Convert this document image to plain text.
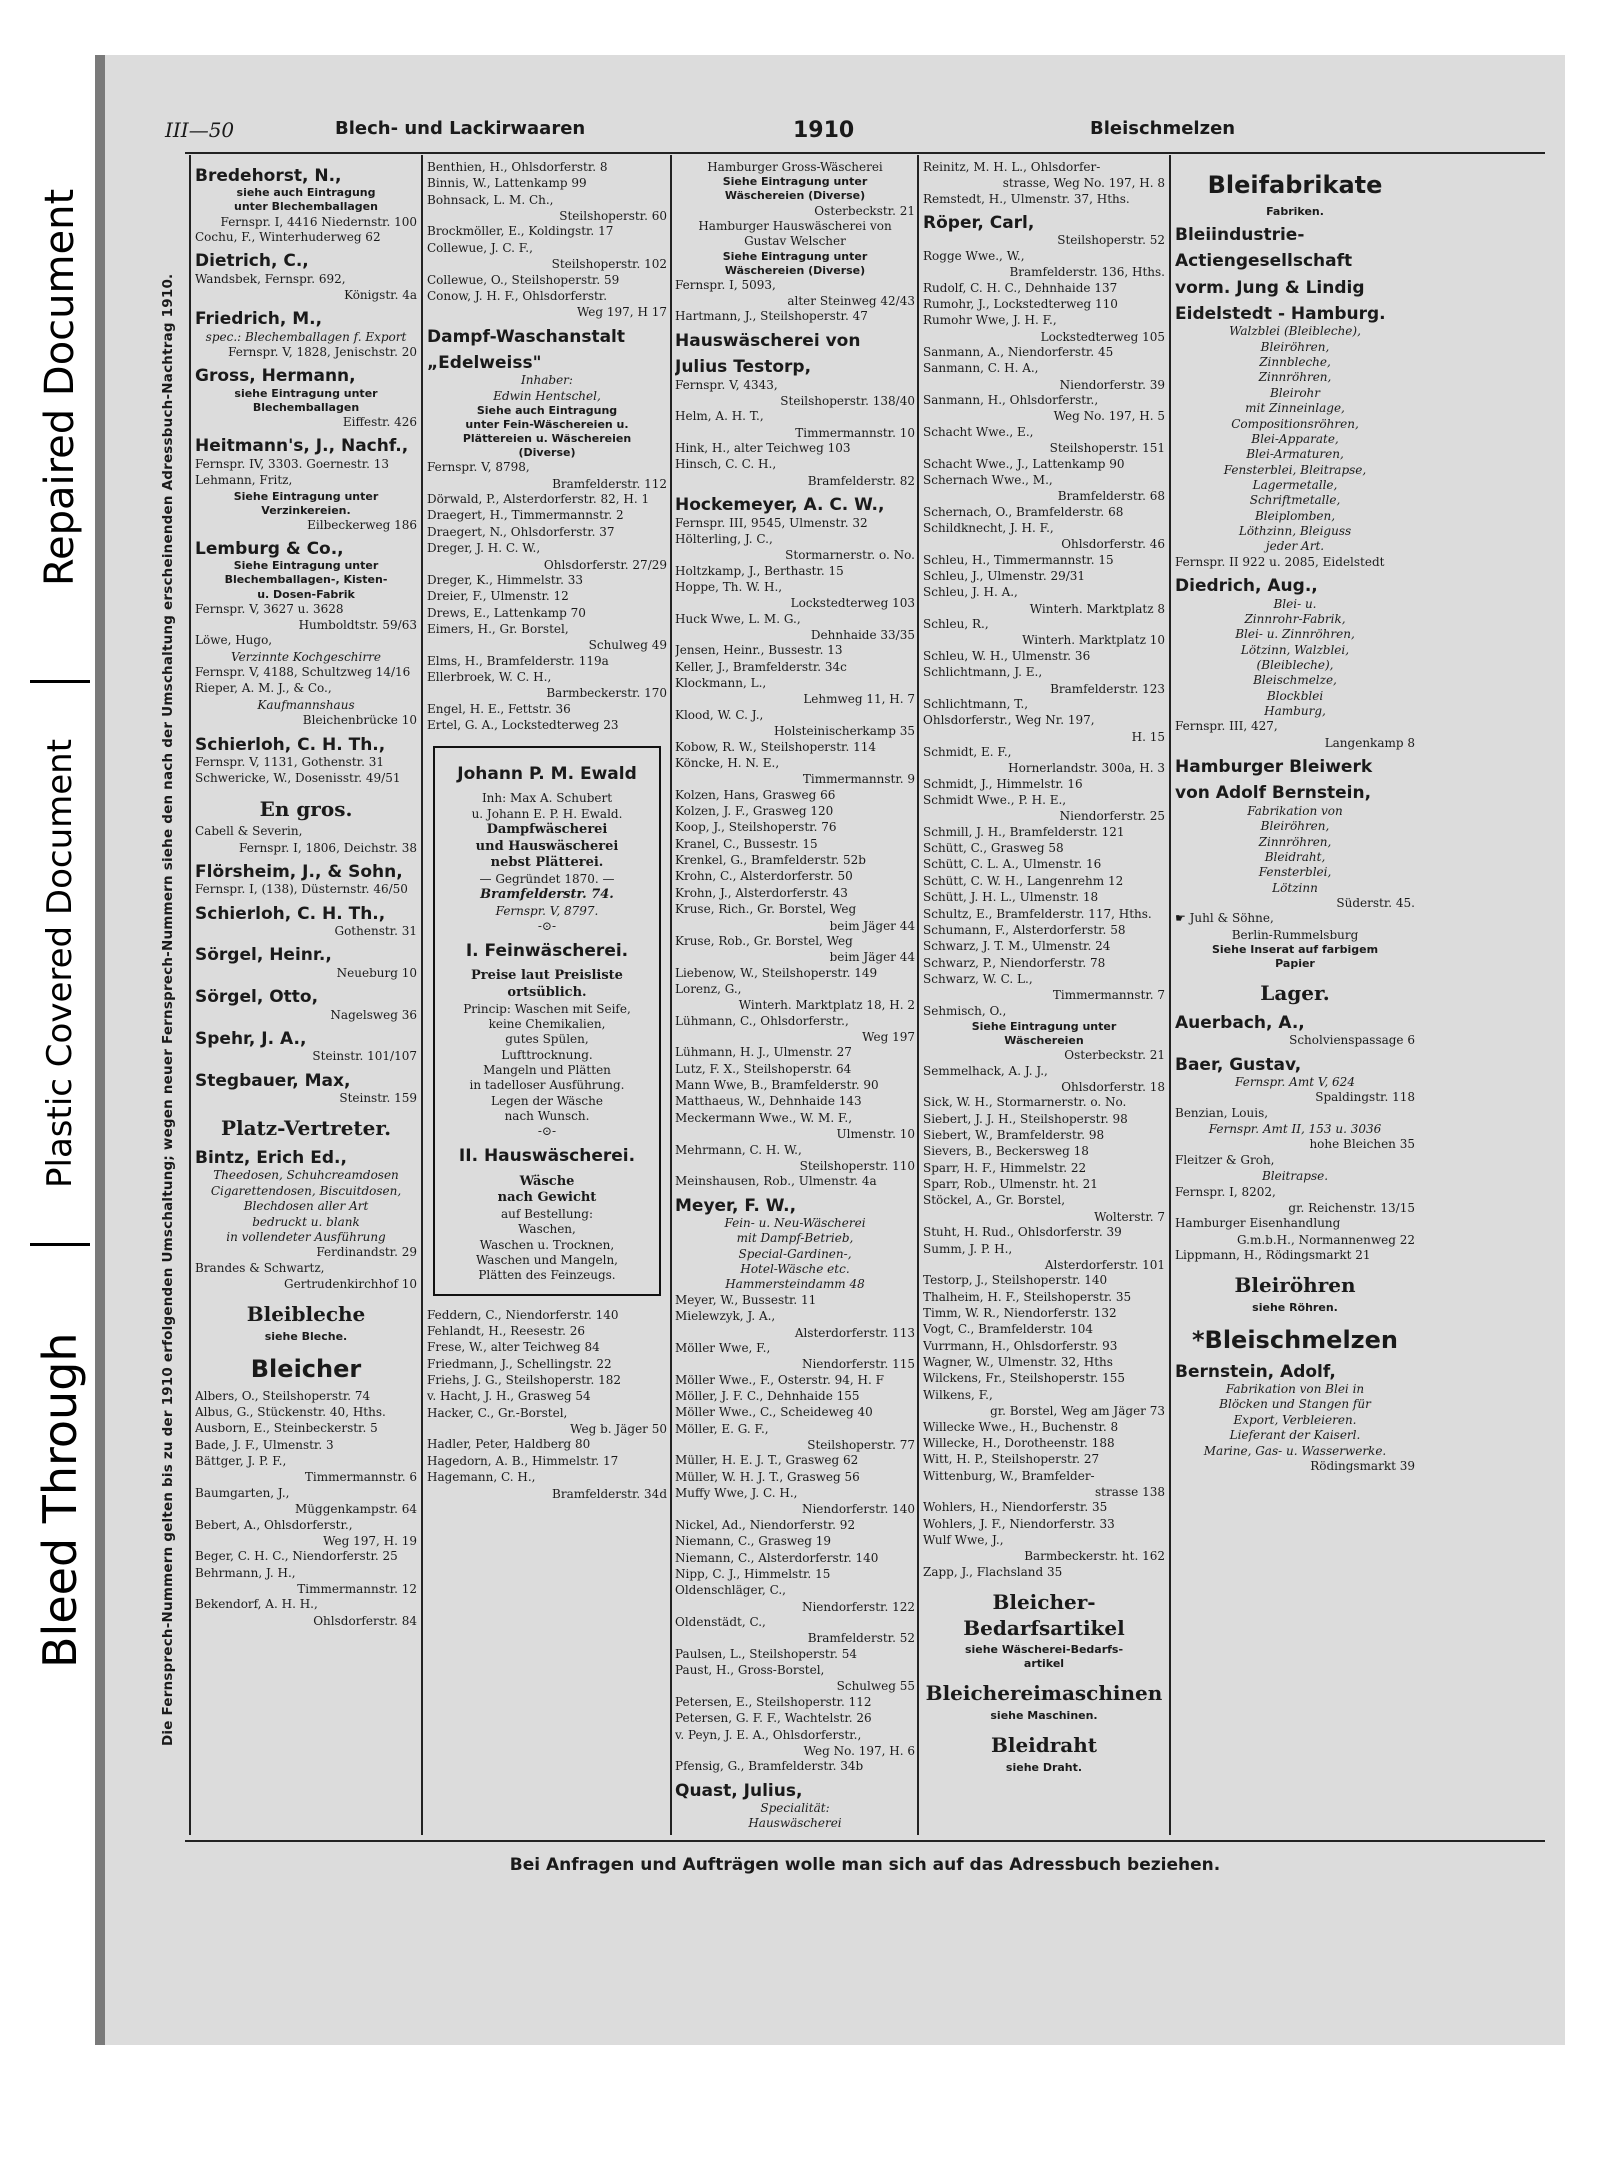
Repaired Document
Plastic Covered Document
Bleed Through
III—50	Blech- und Lackirwaaren	1910	Bleischmelzen
Die Fernsprech-Nummern gelten bis zu der 1910 erfolgenden Umschaltung; wegen neuer Fernsprech-Nummern siehe den nach der Umschaltung erscheinenden Adressbuch-Nachtrag 1910.
Bredehorst, N.,
siehe auch Eintragung
unter Blechemballagen
Fernspr. I, 4416 Niedernstr. 100
Cochu, F., Winterhuderweg 62
Dietrich, C.,
Wandsbek, Fernspr. 692,
Königstr. 4a
Friedrich, M.,
spec.: Blechemballagen f. Export
Fernspr. V, 1828, Jenischstr. 20
Gross, Hermann,
siehe Eintragung unter
Blechemballagen
Eiffestr. 426
Heitmann's, J., Nachf.,
Fernspr. IV, 3303. Goernestr. 13
Lehmann, Fritz,
Siehe Eintragung unter
Verzinkereien.
Eilbeckerweg 186
Lemburg & Co.,
Siehe Eintragung unter
Blechemballagen-, Kisten-
u. Dosen-Fabrik
Fernspr. V, 3627 u. 3628
Humboldtstr. 59/63
Löwe, Hugo,
Verzinnte Kochgeschirre
Fernspr. V, 4188, Schultzweg 14/16
Rieper, A. M. J., & Co.,
Kaufmannshaus
Bleichenbrücke 10
Schierloh, C. H. Th.,
Fernspr. V, 1131, Gothenstr. 31
Schwericke, W., Dosenisstr. 49/51
En gros.
Cabell & Severin,
Fernspr. I, 1806, Deichstr. 38
Flörsheim, J., & Sohn,
Fernspr. I, (138), Düsternstr. 46/50
Schierloh, C. H. Th.,
Gothenstr. 31
Sörgel, Heinr.,
Neueburg 10
Sörgel, Otto,
Nagelsweg 36
Spehr, J. A.,
Steinstr. 101/107
Stegbauer, Max,
Steinstr. 159
Platz-Vertreter.
Bintz, Erich Ed.,
Theedosen, Schuhcreamdosen
Cigarettendosen, Biscuitdosen,
Blechdosen aller Art
bedruckt u. blank
in vollendeter Ausführung
Ferdinandstr. 29
Brandes & Schwartz,
Gertrudenkirchhof 10
Bleibleche
siehe Bleche.
Bleicher
Albers, O., Steilshoperstr. 74
Albus, G., Stückenstr. 40, Hths.
Ausborn, E., Steinbeckerstr. 5
Bade, J. F., Ulmenstr. 3
Bättger, J. P. F.,
Timmermannstr. 6
Baumgarten, J.,
Müggenkampstr. 64
Bebert, A., Ohlsdorferstr.,
Weg 197, H. 19
Beger, C. H. C., Niendorferstr. 25
Behrmann, J. H.,
Timmermannstr. 12
Bekendorf, A. H. H.,
Ohlsdorferstr. 84
Benthien, H., Ohlsdorferstr. 8
Binnis, W., Lattenkamp 99
Bohnsack, L. M. Ch.,
Steilshoperstr. 60
Brockmöller, E., Koldingstr. 17
Collewue, J. C. F.,
Steilshoperstr. 102
Collewue, O., Steilshoperstr. 59
Conow, J. H. F., Ohlsdorferstr.
Weg 197, H 17
Dampf-Waschanstalt
„Edelweiss"
Inhaber:
Edwin Hentschel,
Siehe auch Eintragung
unter Fein-Wäschereien u.
Plättereien u. Wäschereien
(Diverse)
Fernspr. V, 8798,
Bramfelderstr. 112
Dörwald, P., Alsterdorferstr. 82, H. 1
Draegert, H., Timmermannstr. 2
Draegert, N., Ohlsdorferstr. 37
Dreger, J. H. C. W.,
Ohlsdorferstr. 27/29
Dreger, K., Himmelstr. 33
Dreier, F., Ulmenstr. 12
Drews, E., Lattenkamp 70
Eimers, H., Gr. Borstel,
Schulweg 49
Elms, H., Bramfelderstr. 119a
Ellerbroek, W. C. H.,
Barmbeckerstr. 170
Engel, H. E., Fettstr. 36
Ertel, G. A., Lockstedterweg 23
Johann P. M. Ewald
Inh: Max A. Schubert
u. Johann E. P. H. Ewald.
Dampfwäscherei
und Hauswäscherei
nebst Plätterei.
— Gegründet 1870. —
Bramfelderstr. 74.
Fernspr. V, 8797.
-⊙-
I. Feinwäscherei.
Preise laut Preisliste
ortsüblich.
Princip: Waschen mit Seife,
keine Chemikalien,
gutes Spülen,
Lufttrocknung.
Mangeln und Plätten
in tadelloser Ausführung.
Legen der Wäsche
nach Wunsch.
-⊙-
II. Hauswäscherei.
Wäsche
nach Gewicht
auf Bestellung:
Waschen,
Waschen u. Trocknen,
Waschen und Mangeln,
Plätten des Feinzeugs.
Feddern, C., Niendorferstr. 140
Fehlandt, H., Reesestr. 26
Frese, W., alter Teichweg 84
Friedmann, J., Schellingstr. 22
Friehs, J. G., Steilshoperstr. 182
v. Hacht, J. H., Grasweg 54
Hacker, C., Gr.-Borstel,
Weg b. Jäger 50
Hadler, Peter, Haldberg 80
Hagedorn, A. B., Himmelstr. 17
Hagemann, C. H.,
Bramfelderstr. 34d
Hamburger Gross-Wäscherei
Siehe Eintragung unter
Wäschereien (Diverse)
Osterbeckstr. 21
Hamburger Hauswäscherei von
Gustav Welscher
Siehe Eintragung unter
Wäschereien (Diverse)
Fernspr. I, 5093,
alter Steinweg 42/43
Hartmann, J., Steilshoperstr. 47
Hauswäscherei von
Julius Testorp,
Fernspr. V, 4343,
Steilshoperstr. 138/40
Helm, A. H. T.,
Timmermannstr. 10
Hink, H., alter Teichweg 103
Hinsch, C. C. H.,
Bramfelderstr. 82
Hockemeyer, A. C. W.,
Fernspr. III, 9545, Ulmenstr. 32
Hölterling, J. C.,
Stormarnerstr. o. No.
Holtzkamp, J., Berthastr. 15
Hoppe, Th. W. H.,
Lockstedterweg 103
Huck Wwe, L. M. G.,
Dehnhaide 33/35
Jensen, Heinr., Bussestr. 13
Keller, J., Bramfelderstr. 34c
Klockmann, L.,
Lehmweg 11, H. 7
Klood, W. C. J.,
Holsteinischerkamp 35
Kobow, R. W., Steilshoperstr. 114
Köncke, H. N. E.,
Timmermannstr. 9
Kolzen, Hans, Grasweg 66
Kolzen, J. F., Grasweg 120
Koop, J., Steilshoperstr. 76
Kranel, C., Bussestr. 15
Krenkel, G., Bramfelderstr. 52b
Krohn, C., Alsterdorferstr. 50
Krohn, J., Alsterdorferstr. 43
Kruse, Rich., Gr. Borstel, Weg
beim Jäger 44
Kruse, Rob., Gr. Borstel, Weg
beim Jäger 44
Liebenow, W., Steilshoperstr. 149
Lorenz, G.,
Winterh. Marktplatz 18, H. 2
Lühmann, C., Ohlsdorferstr.,
Weg 197
Lühmann, H. J., Ulmenstr. 27
Lutz, F. X., Steilshoperstr. 64
Mann Wwe, B., Bramfelderstr. 90
Matthaeus, W., Dehnhaide 143
Meckermann Wwe., W. M. F.,
Ulmenstr. 10
Mehrmann, C. H. W.,
Steilshoperstr. 110
Meinshausen, Rob., Ulmenstr. 4a
Meyer, F. W.,
Fein- u. Neu-Wäscherei
mit Dampf-Betrieb,
Special-Gardinen-,
Hotel-Wäsche etc.
Hammersteindamm 48
Meyer, W., Bussestr. 11
Mielewzyk, J. A.,
Alsterdorferstr. 113
Möller Wwe, F.,
Niendorferstr. 115
Möller Wwe., F., Osterstr. 94, H. F
Möller, J. F. C., Dehnhaide 155
Möller Wwe., C., Scheideweg 40
Möller, E. G. F.,
Steilshoperstr. 77
Müller, H. E. J. T., Grasweg 62
Müller, W. H. J. T., Grasweg 56
Muffy Wwe, J. C. H.,
Niendorferstr. 140
Nickel, Ad., Niendorferstr. 92
Niemann, C., Grasweg 19
Niemann, C., Alsterdorferstr. 140
Nipp, C. J., Himmelstr. 15
Oldenschläger, C.,
Niendorferstr. 122
Oldenstädt, C.,
Bramfelderstr. 52
Paulsen, L., Steilshoperstr. 54
Paust, H., Gross-Borstel,
Schulweg 55
Petersen, E., Steilshoperstr. 112
Petersen, G. F. F., Wachtelstr. 26
v. Peyn, J. E. A., Ohlsdorferstr.,
Weg No. 197, H. 6
Pfensig, G., Bramfelderstr. 34b
Quast, Julius,
Specialität:
Hauswäscherei
Reinitz, M. H. L., Ohlsdorfer-
strasse, Weg No. 197, H. 8
Remstedt, H., Ulmenstr. 37, Hths.
Röper, Carl,
Steilshoperstr. 52
Rogge Wwe., W.,
Bramfelderstr. 136, Hths.
Rudolf, C. H. C., Dehnhaide 137
Rumohr, J., Lockstedterweg 110
Rumohr Wwe, J. H. F.,
Lockstedterweg 105
Sanmann, A., Niendorferstr. 45
Sanmann, C. H. A.,
Niendorferstr. 39
Sanmann, H., Ohlsdorferstr.,
Weg No. 197, H. 5
Schacht Wwe., E.,
Steilshoperstr. 151
Schacht Wwe., J., Lattenkamp 90
Schernach Wwe., M.,
Bramfelderstr. 68
Schernach, O., Bramfelderstr. 68
Schildknecht, J. H. F.,
Ohlsdorferstr. 46
Schleu, H., Timmermannstr. 15
Schleu, J., Ulmenstr. 29/31
Schleu, J. H. A.,
Winterh. Marktplatz 8
Schleu, R.,
Winterh. Marktplatz 10
Schleu, W. H., Ulmenstr. 36
Schlichtmann, J. E.,
Bramfelderstr. 123
Schlichtmann, T.,
Ohlsdorferstr., Weg Nr. 197,
H. 15
Schmidt, E. F.,
Hornerlandstr. 300a, H. 3
Schmidt, J., Himmelstr. 16
Schmidt Wwe., P. H. E.,
Niendorferstr. 25
Schmill, J. H., Bramfelderstr. 121
Schütt, C., Grasweg 58
Schütt, C. L. A., Ulmenstr. 16
Schütt, C. W. H., Langenrehm 12
Schütt, J. H. L., Ulmenstr. 18
Schultz, E., Bramfelderstr. 117, Hths.
Schumann, F., Alsterdorferstr. 58
Schwarz, J. T. M., Ulmenstr. 24
Schwarz, P., Niendorferstr. 78
Schwarz, W. C. L.,
Timmermannstr. 7
Sehmisch, O.,
Siehe Eintragung unter
Wäschereien
Osterbeckstr. 21
Semmelhack, A. J. J.,
Ohlsdorferstr. 18
Sick, W. H., Stormarnerstr. o. No.
Siebert, J. J. H., Steilshoperstr. 98
Siebert, W., Bramfelderstr. 98
Sievers, B., Beckersweg 18
Sparr, H. F., Himmelstr. 22
Sparr, Rob., Ulmenstr. ht. 21
Stöckel, A., Gr. Borstel,
Wolterstr. 7
Stuht, H. Rud., Ohlsdorferstr. 39
Summ, J. P. H.,
Alsterdorferstr. 101
Testorp, J., Steilshoperstr. 140
Thalheim, H. F., Steilshoperstr. 35
Timm, W. R., Niendorferstr. 132
Vogt, C., Bramfelderstr. 104
Vurrmann, H., Ohlsdorferstr. 93
Wagner, W., Ulmenstr. 32, Hths
Wilckens, Fr., Steilshoperstr. 155
Wilkens, F.,
gr. Borstel, Weg am Jäger 73
Willecke Wwe., H., Buchenstr. 8
Willecke, H., Dorotheenstr. 188
Witt, H. P., Steilshoperstr. 27
Wittenburg, W., Bramfelder-
strasse 138
Wohlers, H., Niendorferstr. 35
Wohlers, J. F., Niendorferstr. 33
Wulf Wwe, J.,
Barmbeckerstr. ht. 162
Zapp, J., Flachsland 35
Bleicher-Bedarfsartikel
siehe Wäscherei-Bedarfs-
artikel
Bleichereimaschinen
siehe Maschinen.
Bleidraht
siehe Draht.
Bleifabrikate
Fabriken.
Bleiindustrie-
Actiengesellschaft
vorm. Jung & Lindig
Eidelstedt - Hamburg.
Walzblei (Bleibleche),
Bleiröhren,
Zinnbleche,
Zinnröhren,
Bleirohr
mit Zinneinlage,
Compositionsröhren,
Blei-Apparate,
Blei-Armaturen,
Fensterblei, Bleitrapse,
Lagermetalle,
Schriftmetalle,
Bleiplomben,
Löthzinn, Bleiguss
jeder Art.
Fernspr. II 922 u. 2085, Eidelstedt
Diedrich, Aug.,
Blei- u.
Zinnrohr-Fabrik,
Blei- u. Zinnröhren,
Lötzinn, Walzblei,
(Bleibleche),
Bleischmelze,
Blockblei
Hamburg,
Fernspr. III, 427,
Langenkamp 8
Hamburger Bleiwerk
von Adolf Bernstein,
Fabrikation von
Bleiröhren,
Zinnröhren,
Bleidraht,
Fensterblei,
Lötzinn
Süderstr. 45.
☛ Juhl & Söhne,
Berlin-Rummelsburg
Siehe Inserat auf farbigem
Papier
Lager.
Auerbach, A.,
Scholvienspassage 6
Baer, Gustav,
Fernspr. Amt V, 624
Spaldingstr. 118
Benzian, Louis,
Fernspr. Amt II, 153 u. 3036
hohe Bleichen 35
Fleitzer & Groh,
Bleitrapse.
Fernspr. I, 8202,
gr. Reichenstr. 13/15
Hamburger Eisenhandlung
G.m.b.H., Normannenweg 22
Lippmann, H., Rödingsmarkt 21
Bleiröhren
siehe Röhren.
*Bleischmelzen
Bernstein, Adolf,
Fabrikation von Blei in
Blöcken und Stangen für
Export, Verbleieren.
Lieferant der Kaiserl.
Marine, Gas- u. Wasserwerke.
Rödingsmarkt 39
Bei Anfragen und Aufträgen wolle man sich auf das Adressbuch beziehen.
